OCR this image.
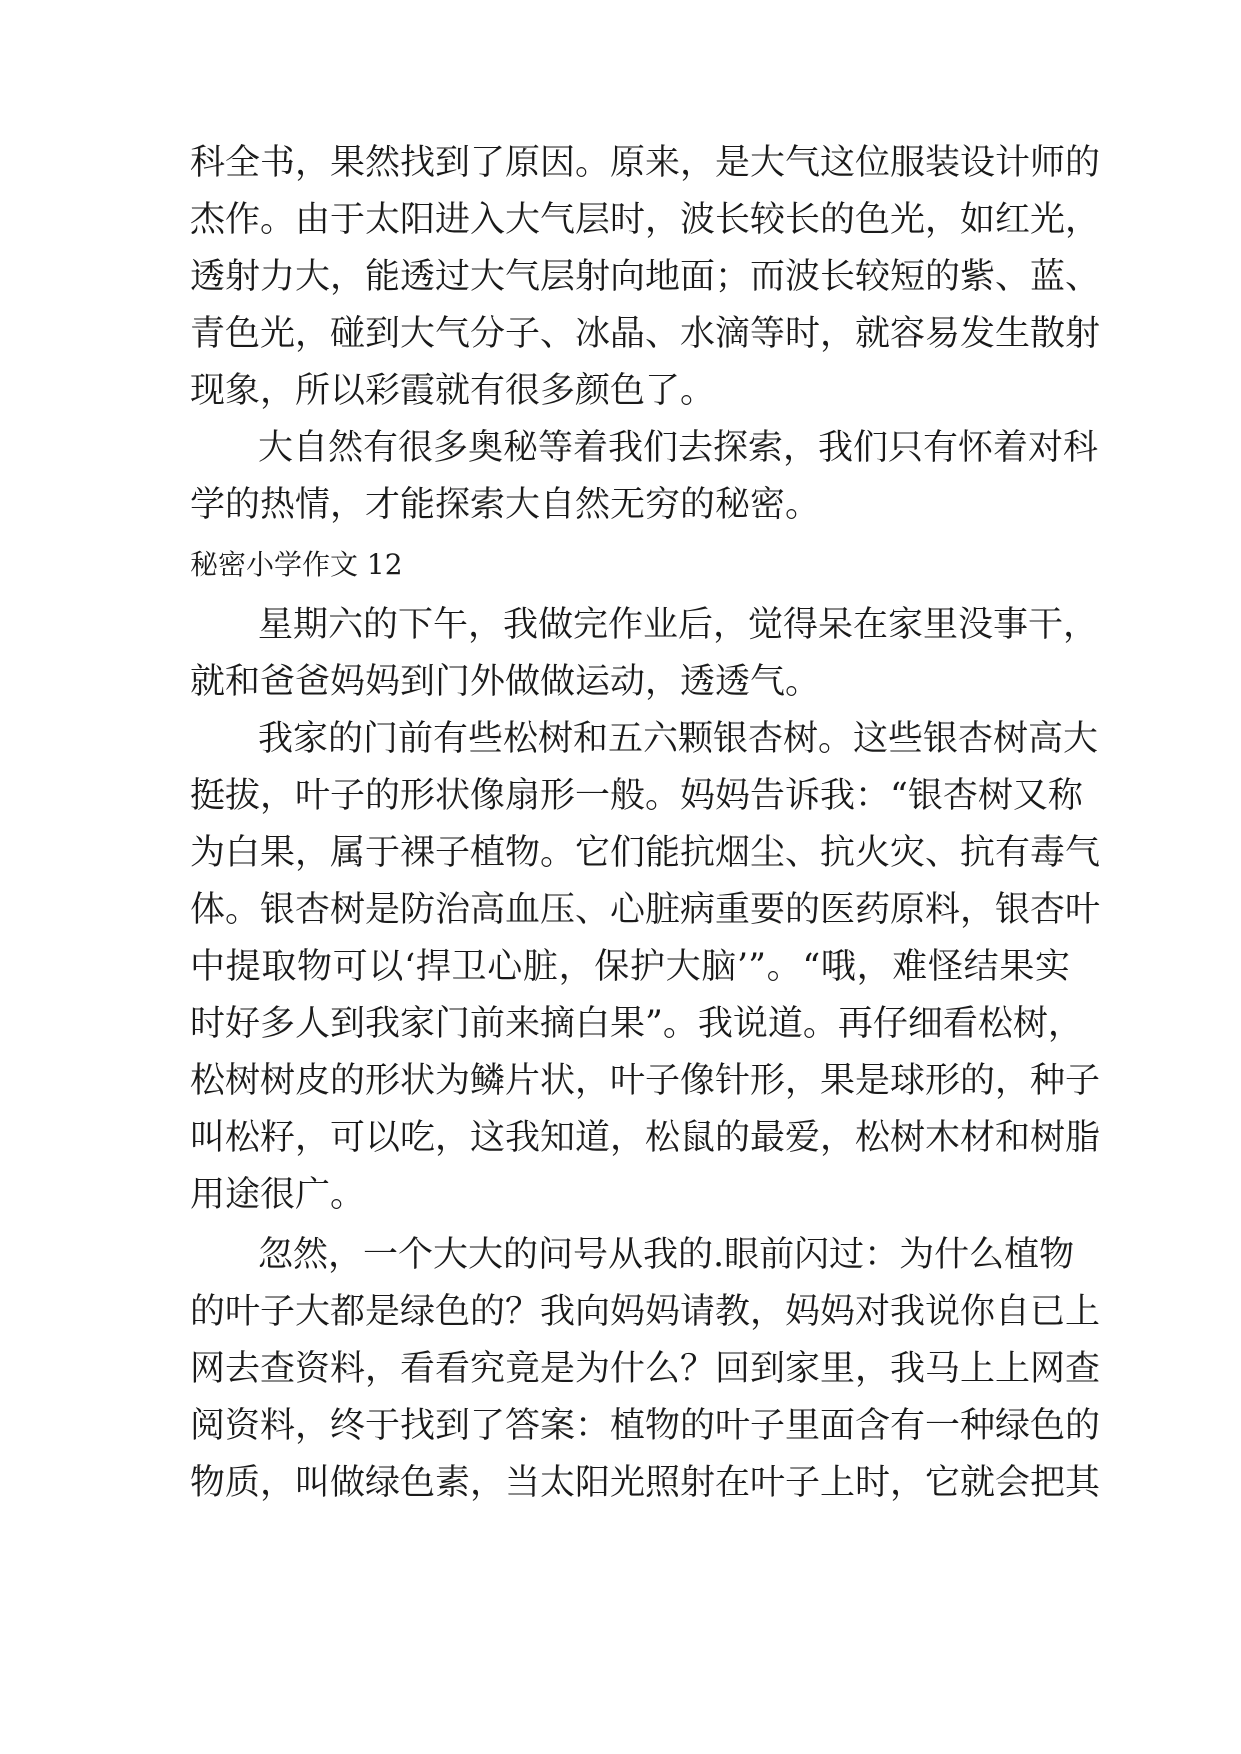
科全书，果然找到了原因。原来，是大气这位服装设计师的
杰作。由于太阳进入大气层时，波长较长的色光，如红光，
透射力大，能透过大气层射向地面；而波长较短的紫、蓝、
青色光，碰到大气分子、冰晶、水滴等时，就容易发生散射
现象，所以彩霞就有很多颜色了。
大自然有很多奥秘等着我们去探索，我们只有怀着对科
学的热情，才能探索大自然无穷的秘密。
秘密小学作文 12
星期六的下午，我做完作业后，觉得呆在家里没事干，
就和爸爸妈妈到门外做做运动，透透气。
我家的门前有些松树和五六颗银杏树。这些银杏树高大
挺拔，叶子的形状像扇形一般。妈妈告诉我：“银杏树又称
为白果，属于裸子植物。它们能抗烟尘、抗火灾、抗有毒气
体。银杏树是防治高血压、心脏病重要的医药原料，银杏叶
中提取物可以‘捍卫心脏，保护大脑’”。“哦，难怪结果实
时好多人到我家门前来摘白果”。我说道。再仔细看松树，
松树树皮的形状为鳞片状，叶子像针形，果是球形的，种子
叫松籽，可以吃，这我知道，松鼠的最爱，松树木材和树脂
用途很广。
忽然，一个大大的问号从我的.眼前闪过：为什么植物
的叶子大都是绿色的？我向妈妈请教，妈妈对我说你自已上
网去查资料，看看究竟是为什么？回到家里，我马上上网查
阅资料，终于找到了答案：植物的叶子里面含有一种绿色的
物质，叫做绿色素，当太阳光照射在叶子上时，它就会把其
